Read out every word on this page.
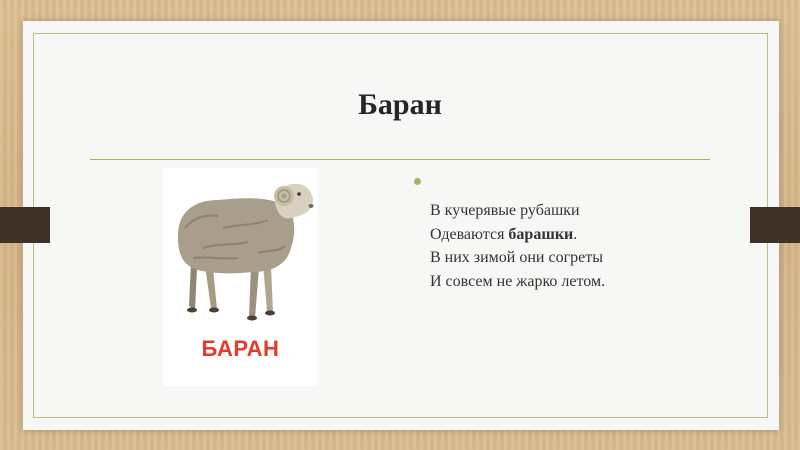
Баран
БАРАН
В кучерявые рубашки
Одеваются барашки.
В них зимой они согреты
И совсем не жарко летом.
